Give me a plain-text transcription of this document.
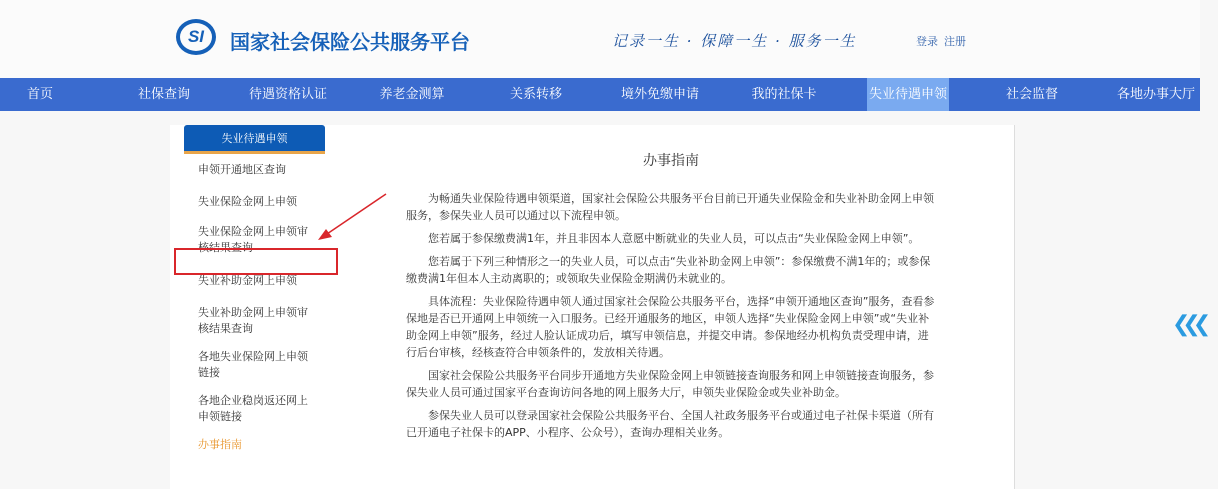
SI	国家社会保险公共服务平台	记录一生 · 保障一生 · 服务一生	登录 注册
首页	社保查询	待遇资格认证	养老金测算	关系转移	境外免缴申请	我的社保卡	失业待遇申领	社会监督	各地办事大厅
失业待遇申领
申领开通地区查询
失业保险金网上申领
失业保险金网上申领审核结果查询
失业补助金网上申领
失业补助金网上申领审核结果查询
各地失业保险网上申领链接
各地企业稳岗返还网上申领链接
办事指南
办事指南

为畅通失业保险待遇申领渠道，国家社会保险公共服务平台目前已开通失业保险金和失业补助金网上申领服务，参保失业人员可以通过以下流程申领。

您若属于参保缴费满1年，并且非因本人意愿中断就业的失业人员，可以点击“失业保险金网上申领”。

您若属于下列三种情形之一的失业人员，可以点击“失业补助金网上申领”：参保缴费不满1年的；或参保缴费满1年但本人主动离职的；或领取失业保险金期满仍未就业的。

具体流程：失业保险待遇申领人通过国家社会保险公共服务平台，选择“申领开通地区查询”服务，查看参保地是否已开通网上申领统一入口服务。已经开通服务的地区，申领人选择“失业保险金网上申领”或“失业补助金网上申领”服务，经过人脸认证成功后，填写申领信息，并提交申请。参保地经办机构负责受理申请，进行后台审核，经核查符合申领条件的，发放相关待遇。

国家社会保险公共服务平台同步开通地方失业保险金网上申领链接查询服务和网上申领链接查询服务，参保失业人员可通过国家平台查询访问各地的网上服务大厅，申领失业保险金或失业补助金。

参保失业人员可以登录国家社会保险公共服务平台、全国人社政务服务平台或通过电子社保卡渠道（所有已开通电子社保卡的APP、小程序、公众号），查询办理相关业务。

❮❮❮
